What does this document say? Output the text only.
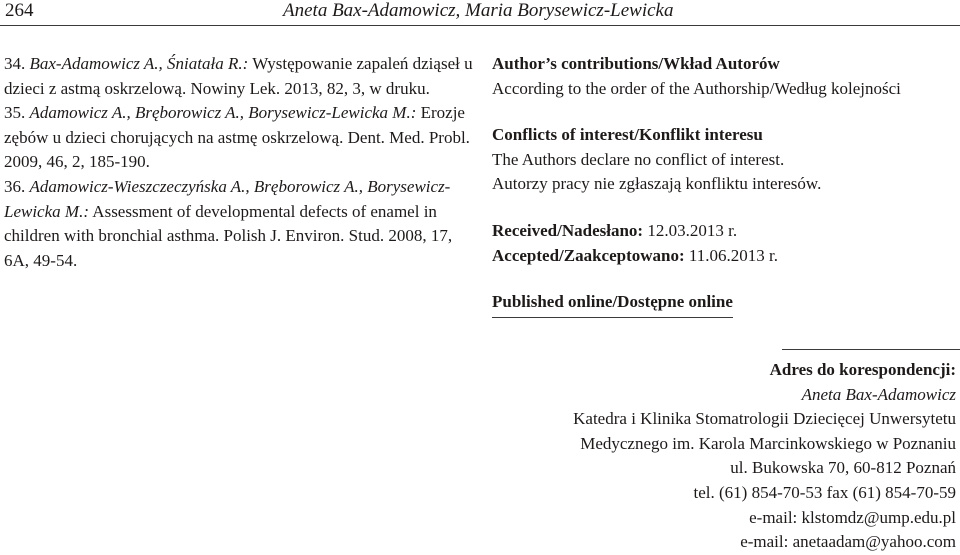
264	Aneta Bax-Adamowicz, Maria Borysewicz-Lewicka

34. Bax-Adamowicz A., Śniatała R.: Występowanie zapaleń dziąseł u dzieci z astmą oskrzelową. Nowiny Lek. 2013, 82, 3, w druku.

35. Adamowicz A., Bręborowicz A., Borysewicz-Lewicka M.: Erozje zębów u dzieci chorujących na astmę oskrzelową. Dent. Med. Probl. 2009, 46, 2, 185-190.

36. Adamowicz-Wieszczeczyńska A., Bręborowicz A., Borysewicz-Lewicka M.: Assessment of developmental defects of enamel in children with bronchial asthma. Polish J. Environ. Stud. 2008, 17, 6A, 49-54.

Author’s contributions/Wkład Autorów

According to the order of the Authorship/Według kolejności

Conflicts of interest/Konflikt interesu

The Authors declare no conflict of interest.

Autorzy pracy nie zgłaszają konfliktu interesów.

Received/Nadesłano: 12.03.2013 r.

Accepted/Zaakceptowano: 11.06.2013 r.

Published online/Dostępne online

Adres do korespondencji:

Aneta Bax-Adamowicz

Katedra i Klinika Stomatrologii Dziecięcej Unwersytetu

Medycznego im. Karola Marcinkowskiego w Poznaniu

ul. Bukowska 70, 60-812 Poznań

tel. (61) 854-70-53 fax (61) 854-70-59

e-mail: klstomdz@ump.edu.pl

e-mail: anetaadam@yahoo.com
